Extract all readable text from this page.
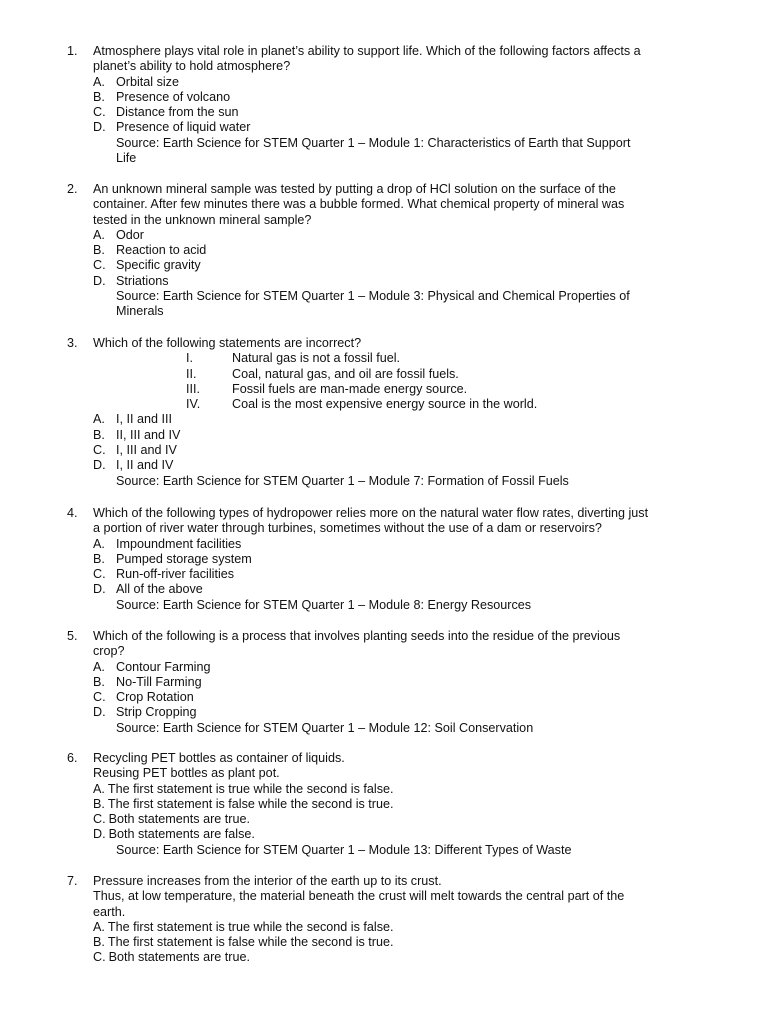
1. Atmosphere plays vital role in planet’s ability to support life. Which of the following factors affects a
planet’s ability to hold atmosphere?
A. Orbital size
B. Presence of volcano
C. Distance from the sun
D. Presence of liquid water
Source: Earth Science for STEM Quarter 1 – Module 1: Characteristics of Earth that Support
Life
2. An unknown mineral sample was tested by putting a drop of HCl solution on the surface of the
container. After few minutes there was a bubble formed. What chemical property of mineral was
tested in the unknown mineral sample?
A. Odor
B. Reaction to acid
C. Specific gravity
D. Striations
Source: Earth Science for STEM Quarter 1 – Module 3: Physical and Chemical Properties of
Minerals
3. Which of the following statements are incorrect?
I.	Natural gas is not a fossil fuel.
II.	Coal, natural gas, and oil are fossil fuels.
III.	Fossil fuels are man-made energy source.
IV.	Coal is the most expensive energy source in the world.
A. I, II and III
B. II, III and IV
C. I, III and IV
D. I, II and IV
Source: Earth Science for STEM Quarter 1 – Module 7: Formation of Fossil Fuels
4. Which of the following types of hydropower relies more on the natural water flow rates, diverting just
a portion of river water through turbines, sometimes without the use of a dam or reservoirs?
A. Impoundment facilities
B. Pumped storage system
C. Run-off-river facilities
D. All of the above
Source: Earth Science for STEM Quarter 1 – Module 8: Energy Resources
5. Which of the following is a process that involves planting seeds into the residue of the previous
crop?
A. Contour Farming
B. No-Till Farming
C. Crop Rotation
D. Strip Cropping
Source: Earth Science for STEM Quarter 1 – Module 12: Soil Conservation
6. Recycling PET bottles as container of liquids.
Reusing PET bottles as plant pot.
A. The first statement is true while the second is false.
B. The first statement is false while the second is true.
C. Both statements are true.
D. Both statements are false.
Source: Earth Science for STEM Quarter 1 – Module 13: Different Types of Waste
7. Pressure increases from the interior of the earth up to its crust.
Thus, at low temperature, the material beneath the crust will melt towards the central part of the
earth.
A. The first statement is true while the second is false.
B. The first statement is false while the second is true.
C. Both statements are true.
